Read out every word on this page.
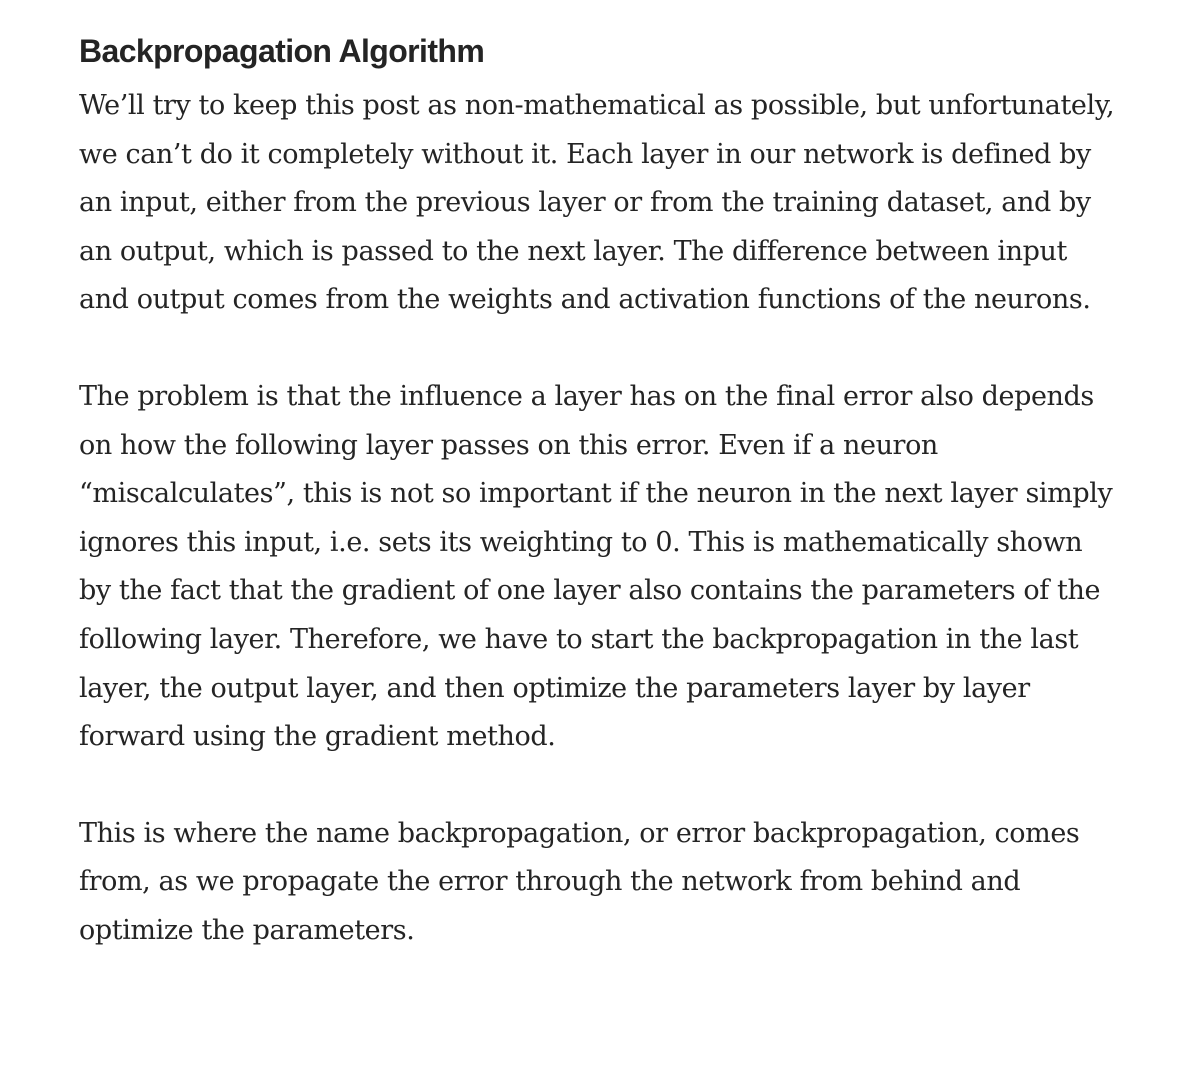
Backpropagation Algorithm

We’ll try to keep this post as non-mathematical as possible, but unfortunately, we can’t do it completely without it. Each layer in our network is defined by an input, either from the previous layer or from the training dataset, and by an output, which is passed to the next layer. The difference between input and output comes from the weights and activation functions of the neurons.

The problem is that the influence a layer has on the final error also depends on how the following layer passes on this error. Even if a neuron “miscalculates”, this is not so important if the neuron in the next layer simply ignores this input, i.e. sets its weighting to 0. This is mathematically shown by the fact that the gradient of one layer also contains the parameters of the following layer. Therefore, we have to start the backpropagation in the last layer, the output layer, and then optimize the parameters layer by layer forward using the gradient method.

This is where the name backpropagation, or error backpropagation, comes from, as we propagate the error through the network from behind and optimize the parameters.
